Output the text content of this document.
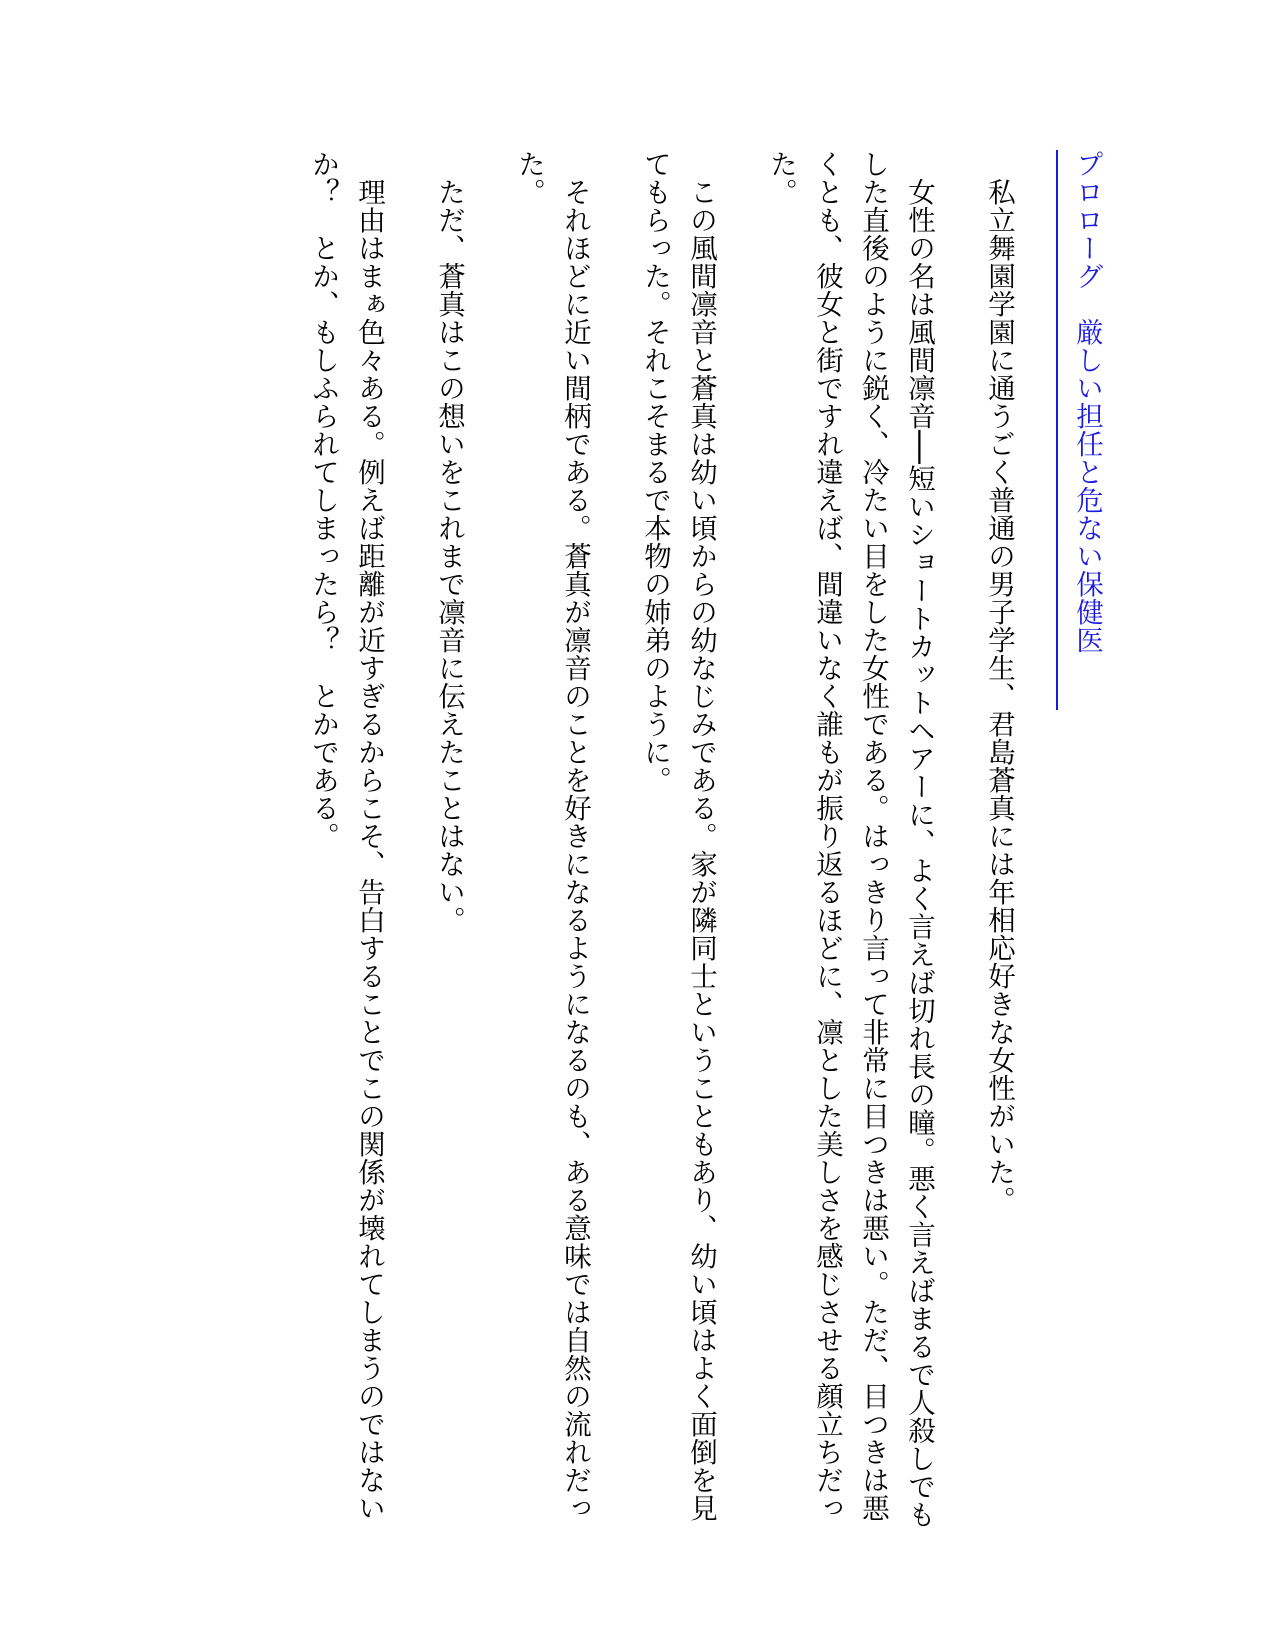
プロローグ　厳しい担任と危ない保健医

私立舞園学園に通うごく普通の男子学生、君島蒼真には年相応好きな女性がいた。

女性の名は風間凛音──短いショートカットヘアーに、よく言えば切れ長の瞳。悪く言えばまるで人殺しでもした直後のように鋭く、冷たい目をした女性である。はっきり言って非常に目つきは悪い。ただ、目つきは悪くとも、彼女と街ですれ違えば、間違いなく誰もが振り返るほどに、凛とした美しさを感じさせる顔立ちだった。

この風間凛音と蒼真は幼い頃からの幼なじみである。家が隣同士ということもあり、幼い頃はよく面倒を見てもらった。それこそまるで本物の姉弟のように。

それほどに近い間柄である。蒼真が凛音のことを好きになるようになるのも、ある意味では自然の流れだった。

ただ、蒼真はこの想いをこれまで凛音に伝えたことはない。

理由はまぁ色々ある。例えば距離が近すぎるからこそ、告白することでこの関係が壊れてしまうのではないか？　とか、もしふられてしまったら？　とかである。
